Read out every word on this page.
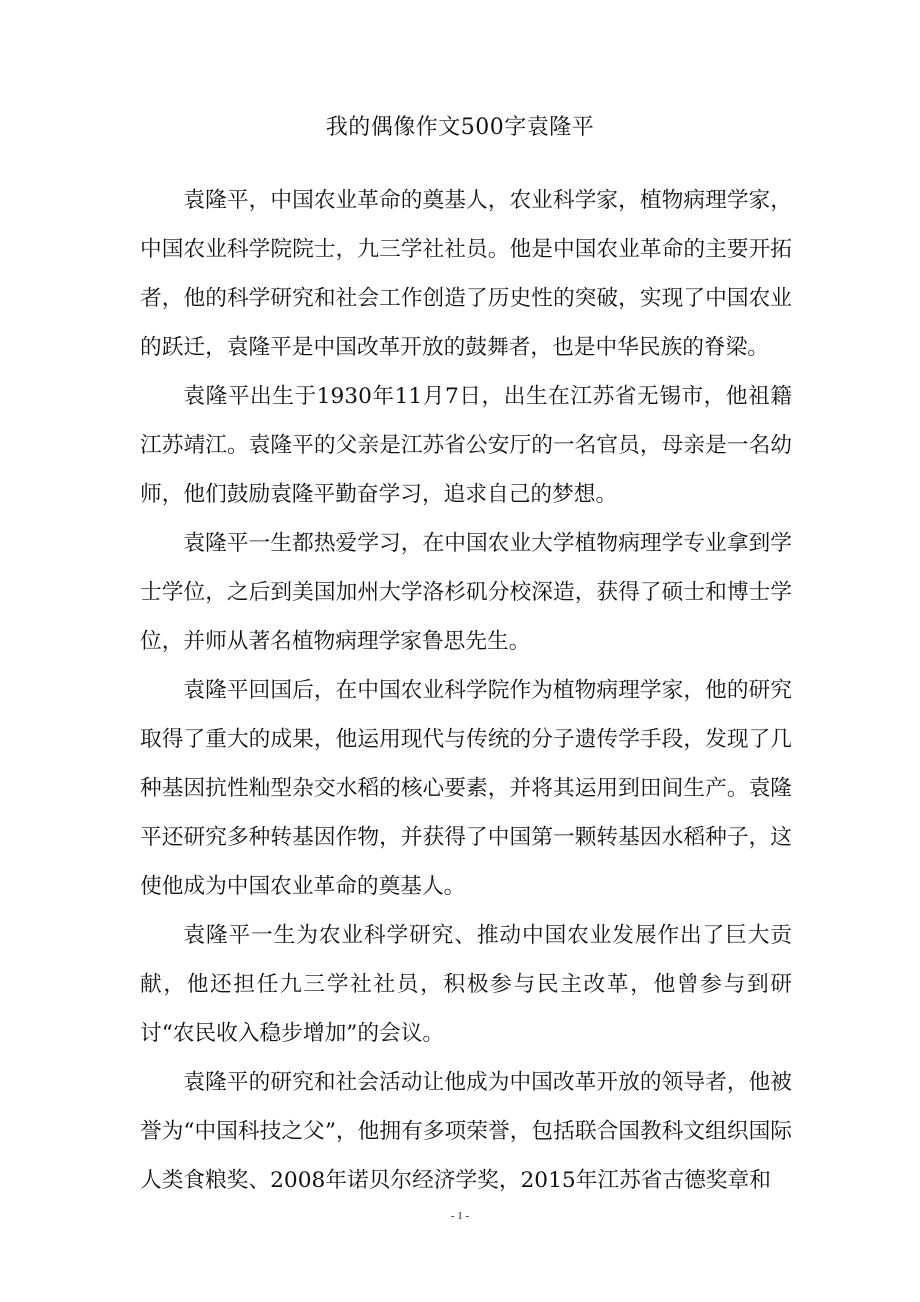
我的偶像作文500字袁隆平

袁隆平，中国农业革命的奠基人，农业科学家，植物病理学家，中国农业科学院院士，九三学社社员。他是中国农业革命的主要开拓者，他的科学研究和社会工作创造了历史性的突破，实现了中国农业的跃迁，袁隆平是中国改革开放的鼓舞者，也是中华民族的脊梁。

袁隆平出生于1930年11月7日，出生在江苏省无锡市，他祖籍江苏靖江。袁隆平的父亲是江苏省公安厅的一名官员，母亲是一名幼师，他们鼓励袁隆平勤奋学习，追求自己的梦想。

袁隆平一生都热爱学习，在中国农业大学植物病理学专业拿到学士学位，之后到美国加州大学洛杉矶分校深造，获得了硕士和博士学位，并师从著名植物病理学家鲁思先生。

袁隆平回国后，在中国农业科学院作为植物病理学家，他的研究取得了重大的成果，他运用现代与传统的分子遗传学手段，发现了几种基因抗性籼型杂交水稻的核心要素，并将其运用到田间生产。袁隆平还研究多种转基因作物，并获得了中国第一颗转基因水稻种子，这使他成为中国农业革命的奠基人。

袁隆平一生为农业科学研究、推动中国农业发展作出了巨大贡献，他还担任九三学社社员，积极参与民主改革，他曾参与到研讨“农民收入稳步增加”的会议。

袁隆平的研究和社会活动让他成为中国改革开放的领导者，他被誉为“中国科技之父”，他拥有多项荣誉，包括联合国教科文组织国际人类食粮奖、2008年诺贝尔经济学奖，2015年江苏省古德奖章和

- 1 -
